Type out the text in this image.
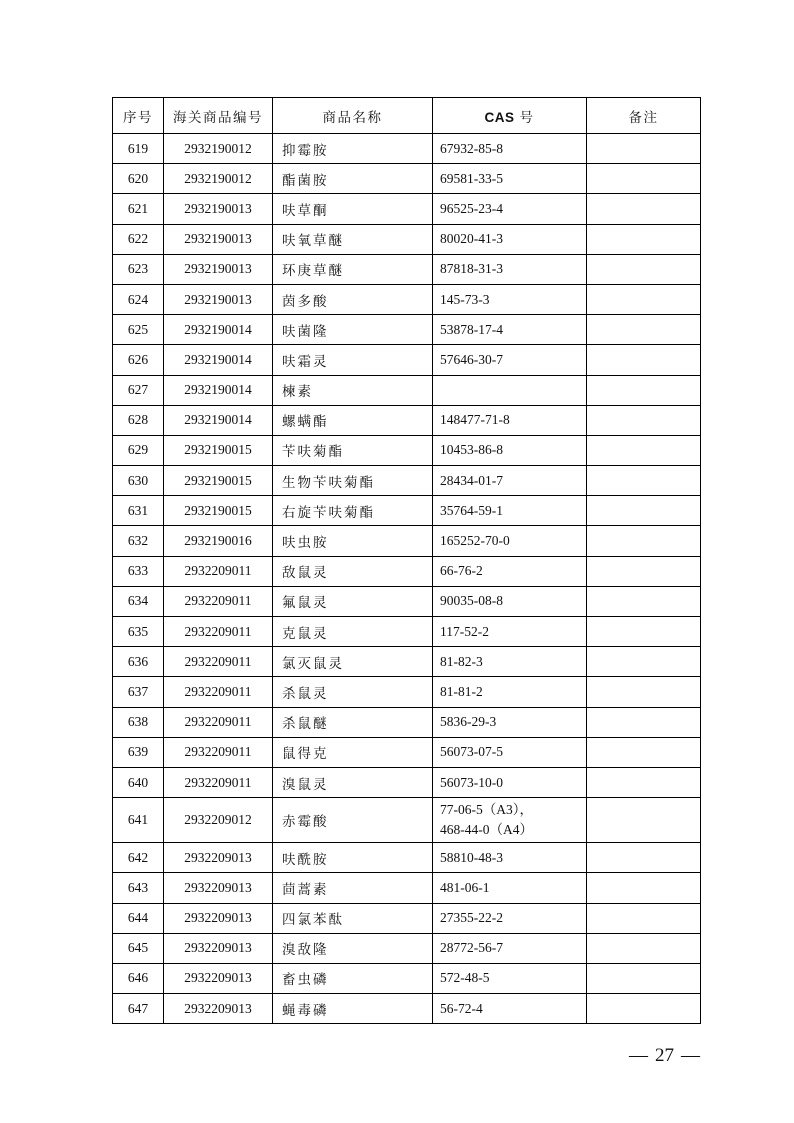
序号	海关商品编号	商品名称	CAS 号	备注
619	2932190012	抑霉胺	67932-85-8	
620	2932190012	酯菌胺	69581-33-5	
621	2932190013	呋草酮	96525-23-4	
622	2932190013	呋氧草醚	80020-41-3	
623	2932190013	环庚草醚	87818-31-3	
624	2932190013	茵多酸	145-73-3	
625	2932190014	呋菌隆	53878-17-4	
626	2932190014	呋霜灵	57646-30-7	
627	2932190014	楝素		
628	2932190014	螺螨酯	148477-71-8	
629	2932190015	苄呋菊酯	10453-86-8	
630	2932190015	生物苄呋菊酯	28434-01-7	
631	2932190015	右旋苄呋菊酯	35764-59-1	
632	2932190016	呋虫胺	165252-70-0	
633	2932209011	敌鼠灵	66-76-2	
634	2932209011	氟鼠灵	90035-08-8	
635	2932209011	克鼠灵	117-52-2	
636	2932209011	氯灭鼠灵	81-82-3	
637	2932209011	杀鼠灵	81-81-2	
638	2932209011	杀鼠醚	5836-29-3	
639	2932209011	鼠得克	56073-07-5	
640	2932209011	溴鼠灵	56073-10-0	
641	2932209012	赤霉酸	77-06-5（A3），
468-44-0（A4）	

642	2932209013	呋酰胺	58810-48-3	
643	2932209013	茴蒿素	481-06-1	
644	2932209013	四氯苯酞	27355-22-2	
645	2932209013	溴敌隆	28772-56-7	
646	2932209013	畜虫磷	572-48-5	
647	2932209013	蝇毒磷	56-72-4	
— 27 —
